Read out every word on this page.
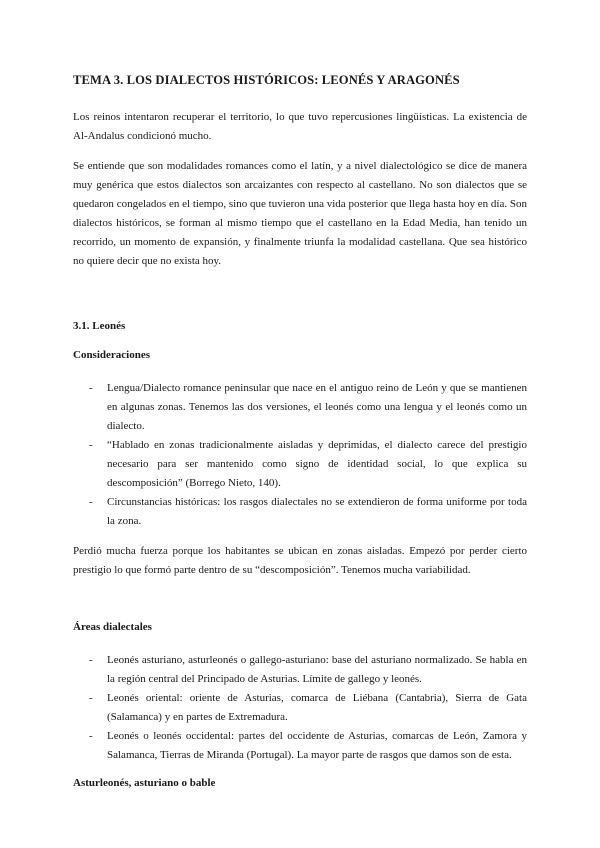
TEMA 3. LOS DIALECTOS HISTÓRICOS: LEONÉS Y ARAGONÉS

Los reinos intentaron recuperar el territorio, lo que tuvo repercusiones lingüísticas. La existencia de Al-Andalus condicionó mucho.

Se entiende que son modalidades romances como el latín, y a nivel dialectológico se dice de manera muy genérica que estos dialectos son arcaizantes con respecto al castellano. No son dialectos que se quedaron congelados en el tiempo, sino que tuvieron una vida posterior que llega hasta hoy en día. Son dialectos históricos, se forman al mismo tiempo que el castellano en la Edad Media, han tenido un recorrido, un momento de expansión, y finalmente triunfa la modalidad castellana. Que sea histórico no quiere decir que no exista hoy.

3.1. Leonés
Consideraciones
- Lengua/Dialecto romance peninsular que nace en el antiguo reino de León y que se mantienen en algunas zonas. Tenemos las dos versiones, el leonés como una lengua y el leonés como un dialecto.
- “Hablado en zonas tradicionalmente aisladas y deprimidas, el dialecto carece del prestigio necesario para ser mantenido como signo de identidad social, lo que explica su descomposición” (Borrego Nieto, 140).
- Circunstancias históricas: los rasgos dialectales no se extendieron de forma uniforme por toda la zona.

Perdió mucha fuerza porque los habitantes se ubican en zonas aisladas. Empezó por perder cierto prestigio lo que formó parte dentro de su “descomposición”. Tenemos mucha variabilidad.

Áreas dialectales
- Leonés asturiano, asturleonés o gallego-asturiano: base del asturiano normalizado. Se habla en la región central del Principado de Asturias. Límite de gallego y leonés.
- Leonés oriental: oriente de Asturias, comarca de Liébana (Cantabria), Sierra de Gata (Salamanca) y en partes de Extremadura.
- Leonés o leonés occidental: partes del occidente de Asturias, comarcas de León, Zamora y Salamanca, Tierras de Miranda (Portugal). La mayor parte de rasgos que damos son de esta.
Asturleonés, asturiano o bable
